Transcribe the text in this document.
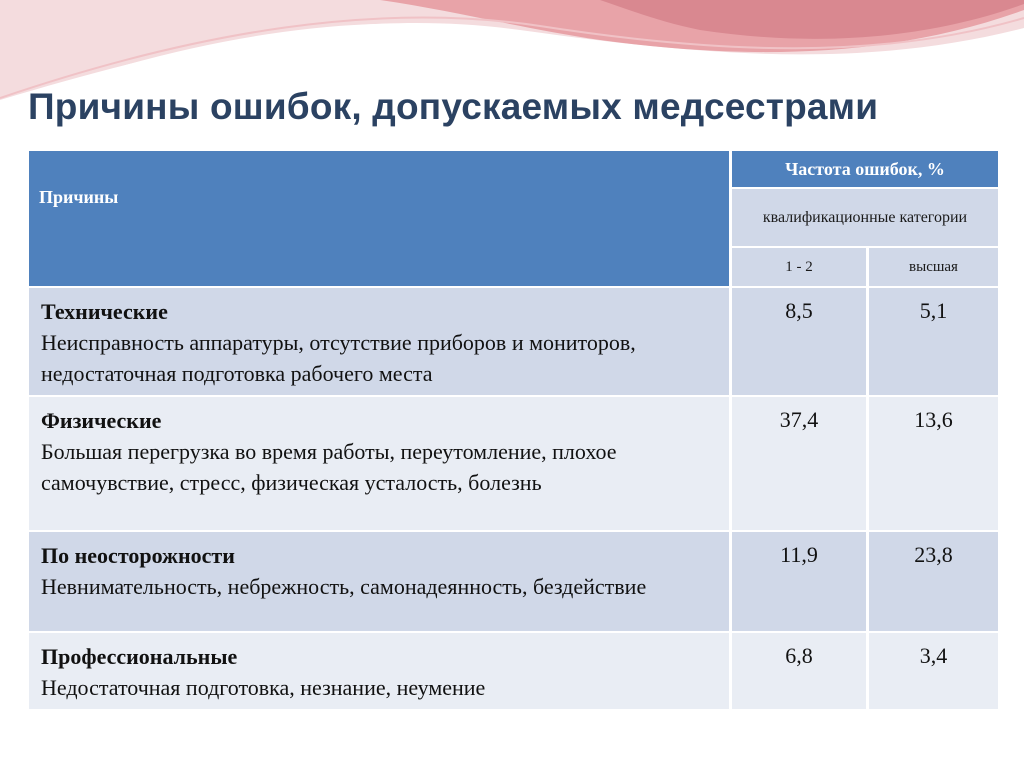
Причины ошибок, допускаемых медсестрами
Причины	Частота ошибок, %	
	квалификационные категории	
	1 - 2	высшая

Технические
Неисправность аппаратуры, отсутствие приборов и мониторов, недостаточная подготовка рабочего места	8,5	5,1

Физические
Большая перегрузка во время работы, переутомление, плохое самочувствие, стресс, физическая усталость, болезнь	37,4	13,6

По неосторожности
Невнимательность, небрежность, самонадеянность, бездействие	11,9	23,8

Профессиональные
Недостаточная подготовка, незнание, неумение	6,8	3,4
